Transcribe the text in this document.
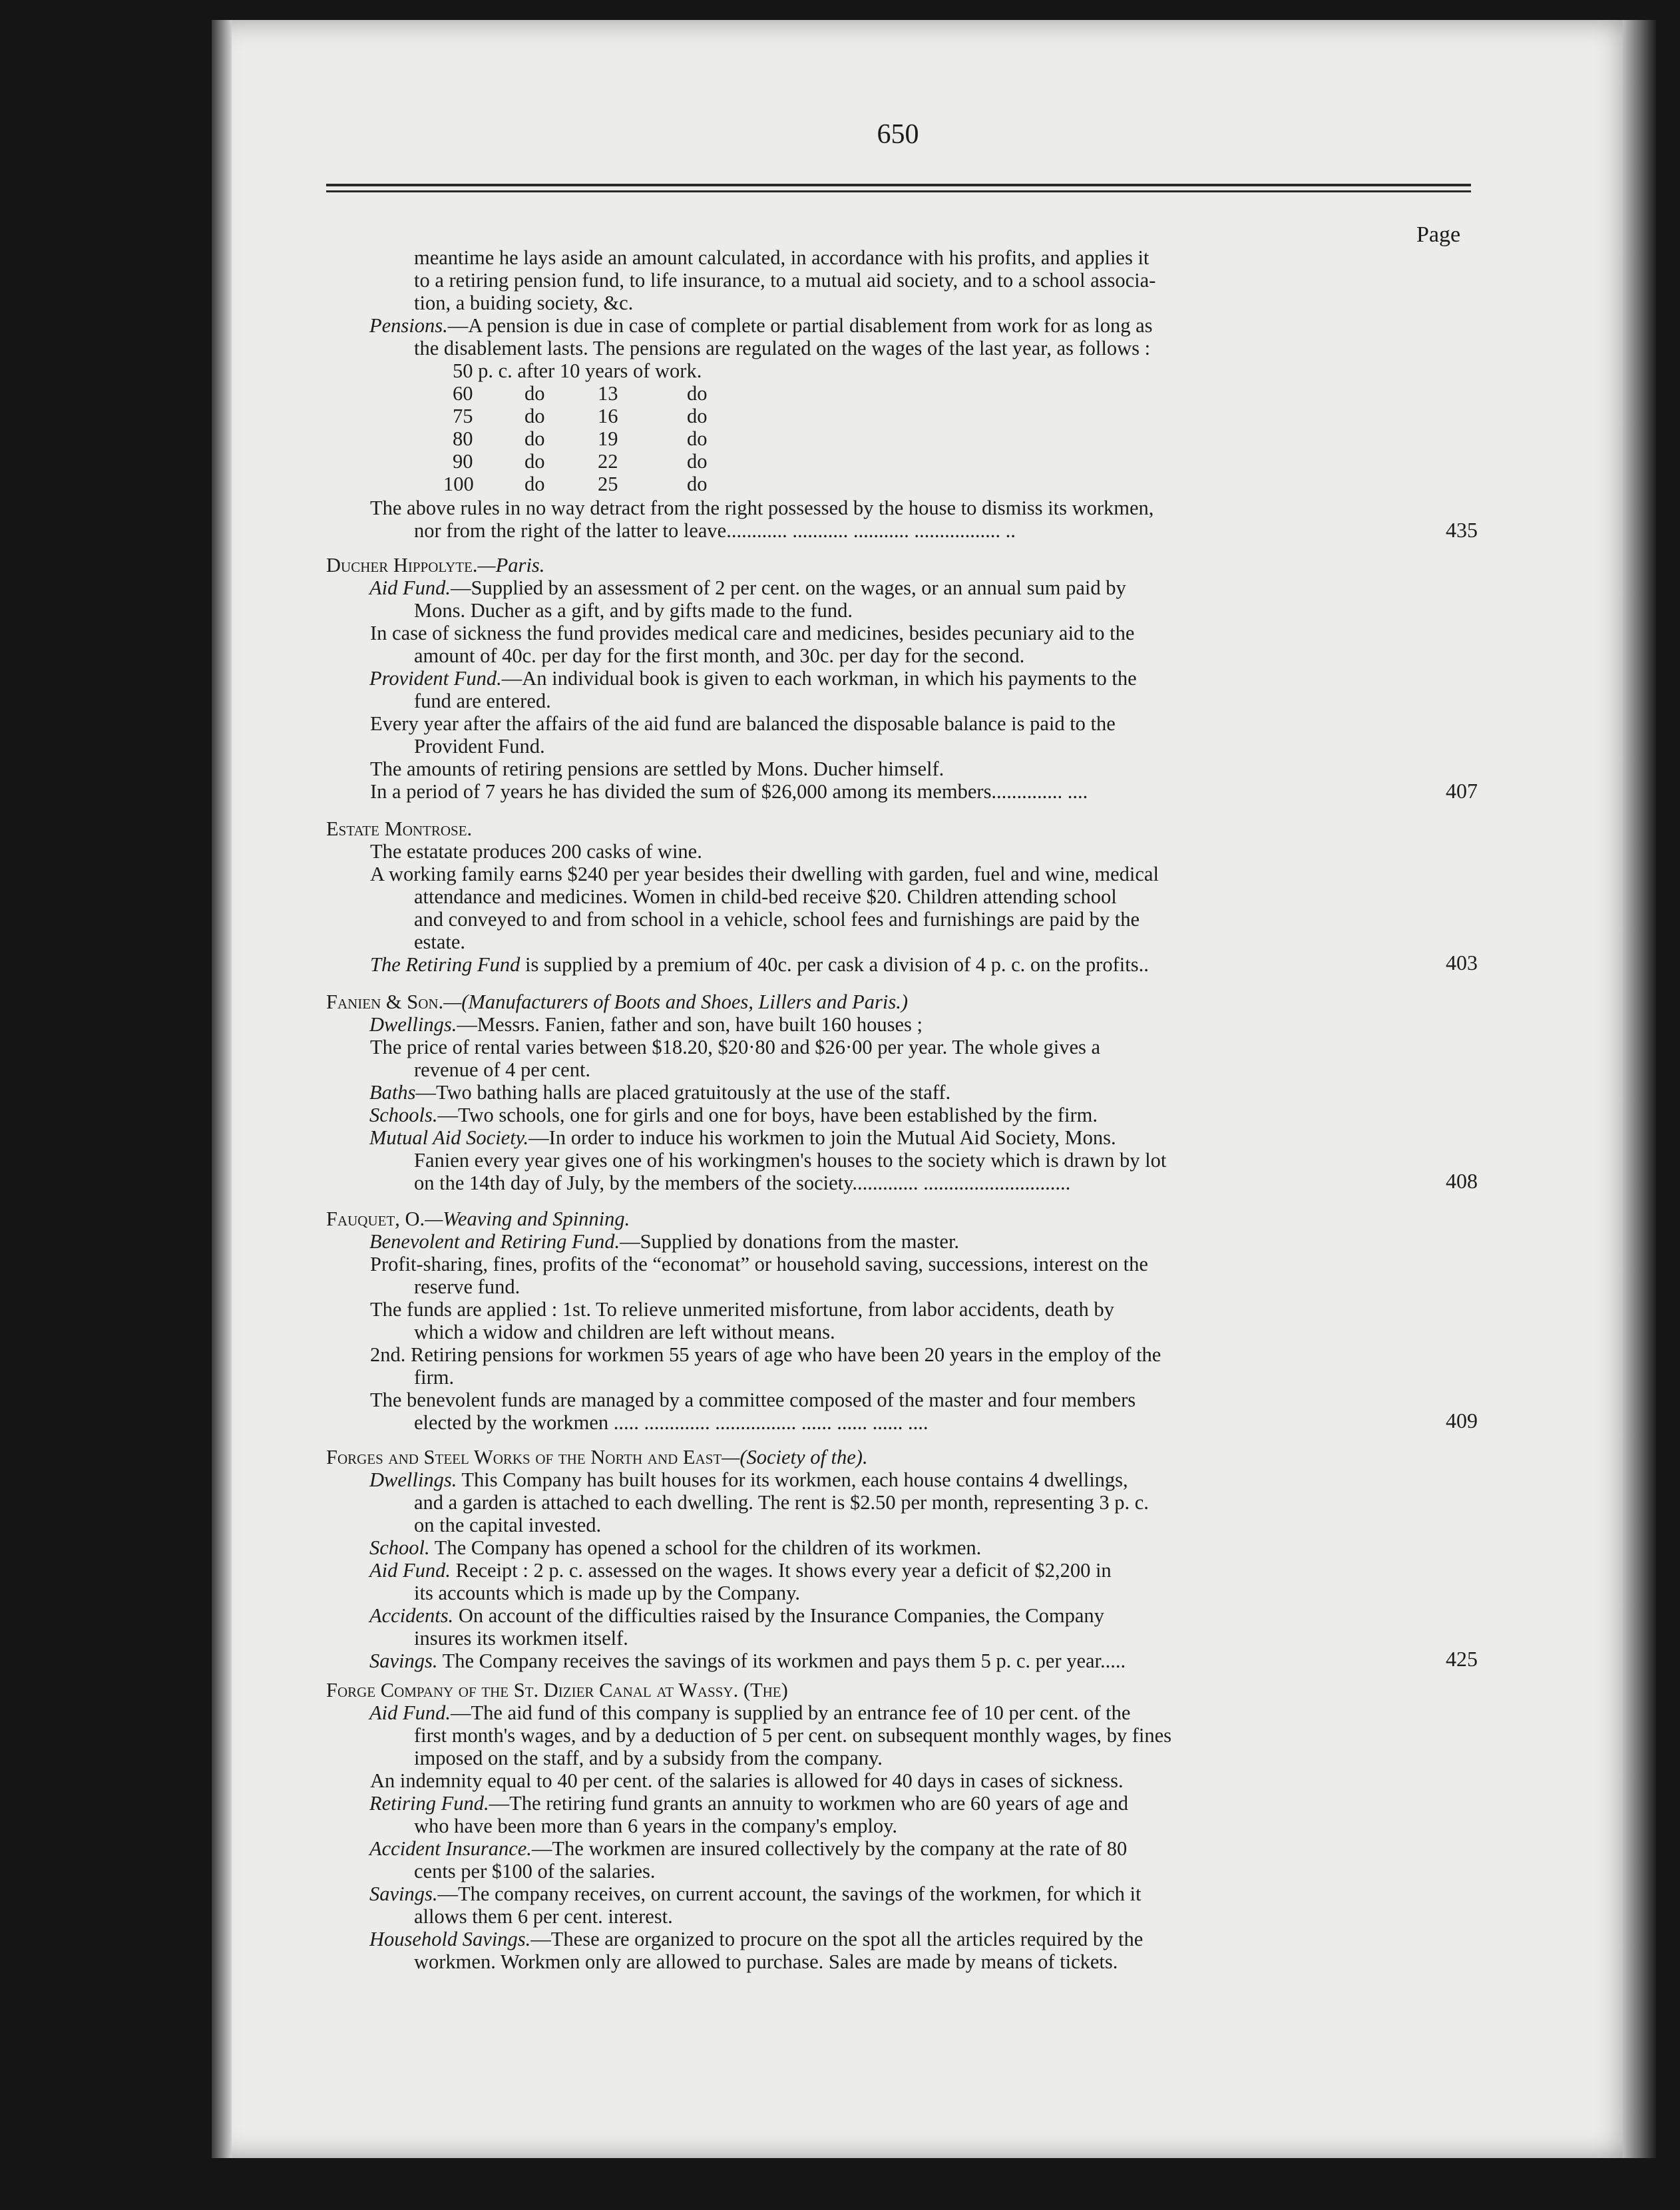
650
Page
meantime he lays aside an amount calculated, in accordance with his profits, and applies it
to a retiring pension fund, to life insurance, to a mutual aid society, and to a school associa-
tion, a buiding society, &c.
Pensions.—A pension is due in case of complete or partial disablement from work for as long as
the disablement lasts. The pensions are regulated on the wages of the last year, as follows :
50 p. c. after 10 years of work.
60	do	13	do
75	do	16	do
80	do	19	do
90	do	22	do
100	do	25	do
The above rules in no way detract from the right possessed by the house to dismiss its workmen,
nor from the right of the latter to leave............ ........... ........... ................. ..	435
Ducher Hippolyte.—Paris.
Aid Fund.—Supplied by an assessment of 2 per cent. on the wages, or an annual sum paid by
Mons. Ducher as a gift, and by gifts made to the fund.
In case of sickness the fund provides medical care and medicines, besides pecuniary aid to the
amount of 40c. per day for the first month, and 30c. per day for the second.
Provident Fund.—An individual book is given to each workman, in which his payments to the
fund are entered.
Every year after the affairs of the aid fund are balanced the disposable balance is paid to the
Provident Fund.
The amounts of retiring pensions are settled by Mons. Ducher himself.
In a period of 7 years he has divided the sum of $26,000 among its members.............. ....	407
Estate Montrose.
The estatate produces 200 casks of wine.
A working family earns $240 per year besides their dwelling with garden, fuel and wine, medical
attendance and medicines. Women in child-bed receive $20. Children attending school
and conveyed to and from school in a vehicle, school fees and furnishings are paid by the
estate.
The Retiring Fund is supplied by a premium of 40c. per cask a division of 4 p. c. on the profits..	403
Fanien & Son.—(Manufacturers of Boots and Shoes, Lillers and Paris.)
Dwellings.—Messrs. Fanien, father and son, have built 160 houses ;
The price of rental varies between $18.20, $20·80 and $26·00 per year. The whole gives a
revenue of 4 per cent.
Baths—Two bathing halls are placed gratuitously at the use of the staff.
Schools.—Two schools, one for girls and one for boys, have been established by the firm.
Mutual Aid Society.—In order to induce his workmen to join the Mutual Aid Society, Mons.
Fanien every year gives one of his workingmen's houses to the society which is drawn by lot
on the 14th day of July, by the members of the society............. .............................	408
Fauquet, O.—Weaving and Spinning.
Benevolent and Retiring Fund.—Supplied by donations from the master.
Profit-sharing, fines, profits of the “economat” or household saving, successions, interest on the
reserve fund.
The funds are applied : 1st. To relieve unmerited misfortune, from labor accidents, death by
which a widow and children are left without means.
2nd. Retiring pensions for workmen 55 years of age who have been 20 years in the employ of the
firm.
The benevolent funds are managed by a committee composed of the master and four members
elected by the workmen ..... ............. ................ ...... ...... ...... ....	409
Forges and Steel Works of the North and East—(Society of the).
Dwellings. This Company has built houses for its workmen, each house contains 4 dwellings,
and a garden is attached to each dwelling. The rent is $2.50 per month, representing 3 p. c.
on the capital invested.
School. The Company has opened a school for the children of its workmen.
Aid Fund. Receipt : 2 p. c. assessed on the wages. It shows every year a deficit of $2,200 in
its accounts which is made up by the Company.
Accidents. On account of the difficulties raised by the Insurance Companies, the Company
insures its workmen itself.
Savings. The Company receives the savings of its workmen and pays them 5 p. c. per year.....	425
Forge Company of the St. Dizier Canal at Wassy. (The)
Aid Fund.—The aid fund of this company is supplied by an entrance fee of 10 per cent. of the
first month's wages, and by a deduction of 5 per cent. on subsequent monthly wages, by fines
imposed on the staff, and by a subsidy from the company.
An indemnity equal to 40 per cent. of the salaries is allowed for 40 days in cases of sickness.
Retiring Fund.—The retiring fund grants an annuity to workmen who are 60 years of age and
who have been more than 6 years in the company's employ.
Accident Insurance.—The workmen are insured collectively by the company at the rate of 80
cents per $100 of the salaries.
Savings.—The company receives, on current account, the savings of the workmen, for which it
allows them 6 per cent. interest.
Household Savings.—These are organized to procure on the spot all the articles required by the
workmen. Workmen only are allowed to purchase. Sales are made by means of tickets.
